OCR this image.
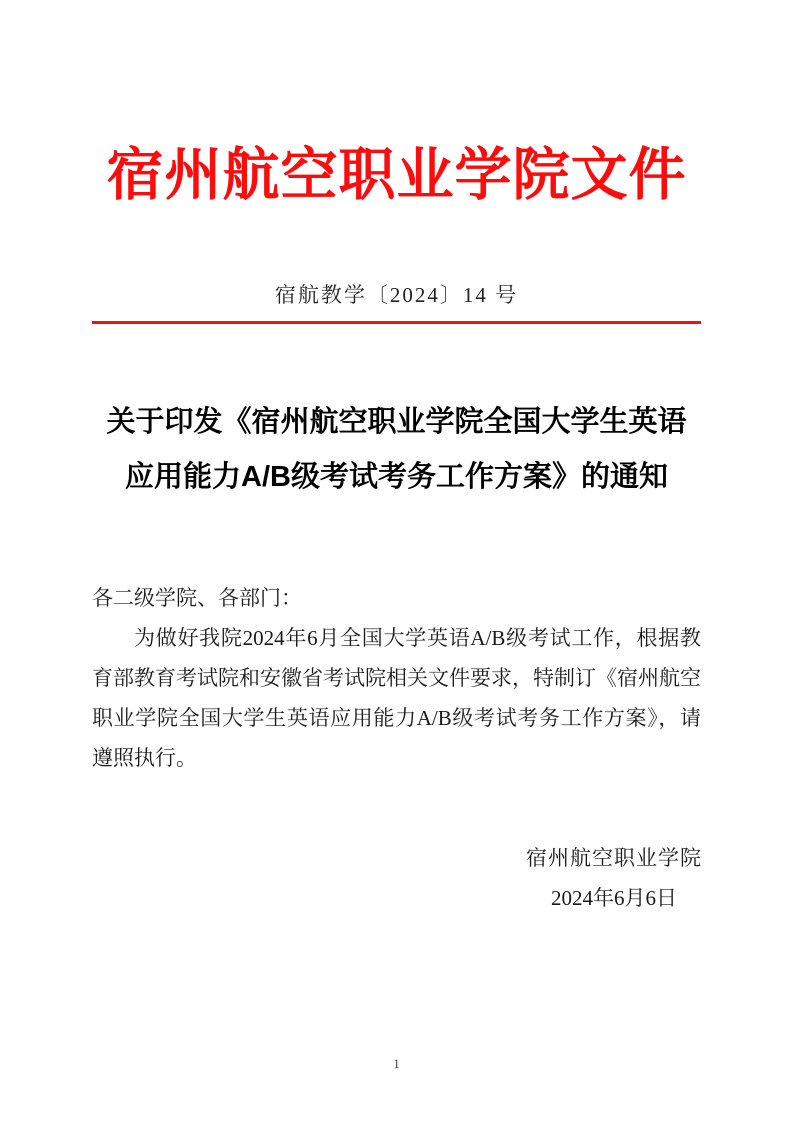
宿州航空职业学院文件
宿航教学〔2024〕14 号
关于印发《宿州航空职业学院全国大学生英语
应用能力A/B级考试考务工作方案》的通知

各二级学院、各部门：

为做好我院2024年6月全国大学英语A/B级考试工作，根据教育部教育考试院和安徽省考试院相关文件要求，特制订《宿州航空职业学院全国大学生英语应用能力A/B级考试考务工作方案》，请遵照执行。

宿州航空职业学院
2024年6月6日
1
